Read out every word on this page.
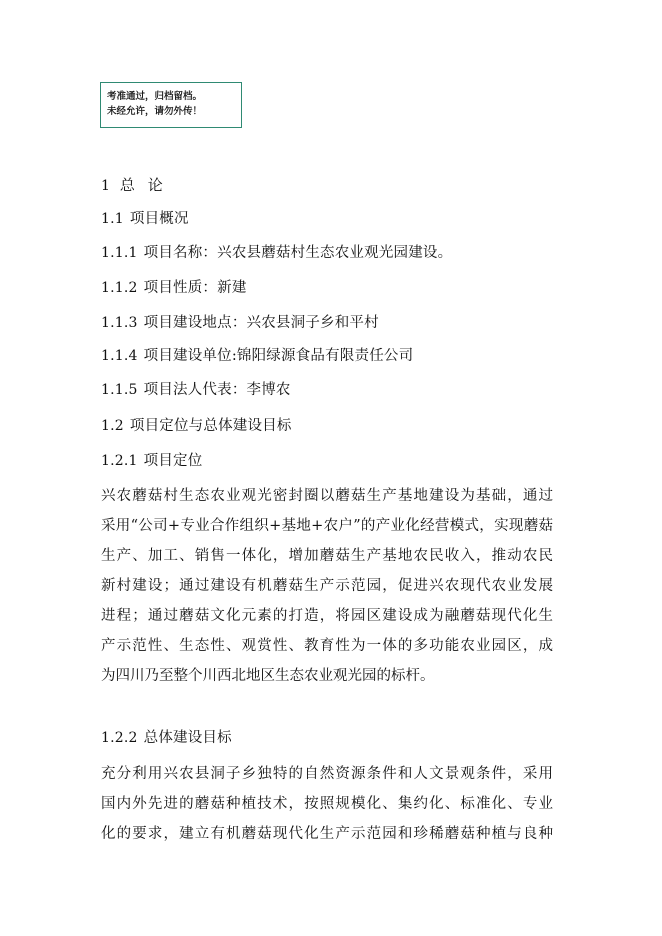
考准通过，归档留档。
未经允许，请勿外传！
1 总 论
1.1 项目概况
1.1.1 项目名称：兴农县蘑菇村生态农业观光园建设。
1.1.2 项目性质：新建
1.1.3 项目建设地点：兴农县洞子乡和平村
1.1.4 项目建设单位:锦阳绿源食品有限责任公司
1.1.5 项目法人代表：李博农
1.2 项目定位与总体建设目标
1.2.1 项目定位
兴农蘑菇村生态农业观光密封圈以蘑菇生产基地建设为基础，通过
采用“公司+专业合作组织+基地+农户”的产业化经营模式，实现蘑菇
生产、加工、销售一体化，增加蘑菇生产基地农民收入，推动农民
新村建设；通过建设有机蘑菇生产示范园，促进兴农现代农业发展
进程；通过蘑菇文化元素的打造，将园区建设成为融蘑菇现代化生
产示范性、生态性、观赏性、教育性为一体的多功能农业园区，成
为四川乃至整个川西北地区生态农业观光园的标杆。
1.2.2 总体建设目标
充分利用兴农县洞子乡独特的自然资源条件和人文景观条件，采用
国内外先进的蘑菇种植技术，按照规模化、集约化、标准化、专业
化的要求，建立有机蘑菇现代化生产示范园和珍稀蘑菇种植与良种
